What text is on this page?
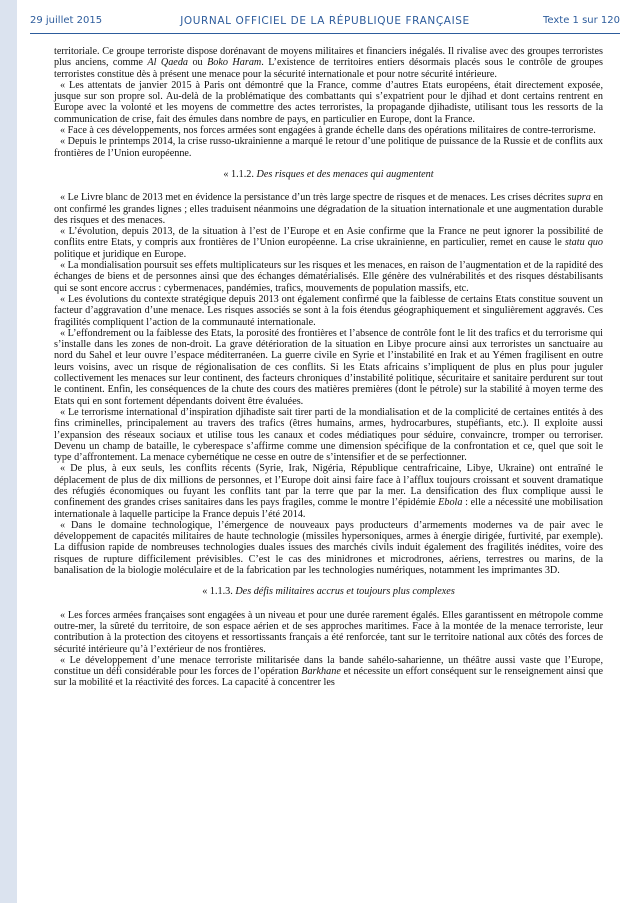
29 juillet 2015	JOURNAL OFFICIEL DE LA RÉPUBLIQUE FRANÇAISE	Texte 1 sur 120

territoriale. Ce groupe terroriste dispose dorénavant de moyens militaires et financiers inégalés. Il rivalise avec des groupes terroristes plus anciens, comme Al Qaeda ou Boko Haram. L’existence de territoires entiers désormais placés sous le contrôle de groupes terroristes constitue dès à présent une menace pour la sécurité internationale et pour notre sécurité intérieure.

« Les attentats de janvier 2015 à Paris ont démontré que la France, comme d’autres Etats européens, était directement exposée, jusque sur son propre sol. Au-delà de la problématique des combattants qui s’expatrient pour le djihad et dont certains rentrent en Europe avec la volonté et les moyens de commettre des actes terroristes, la propagande djihadiste, utilisant tous les ressorts de la communication de crise, fait des émules dans nombre de pays, en particulier en Europe, dont la France.

« Face à ces développements, nos forces armées sont engagées à grande échelle dans des opérations militaires de contre-terrorisme.

« Depuis le printemps 2014, la crise russo-ukrainienne a marqué le retour d’une politique de puissance de la Russie et de conflits aux frontières de l’Union européenne.

« 1.1.2. Des risques et des menaces qui augmentent

« Le Livre blanc de 2013 met en évidence la persistance d’un très large spectre de risques et de menaces. Les crises décrites supra en ont confirmé les grandes lignes ; elles traduisent néanmoins une dégradation de la situation internationale et une augmentation durable des risques et des menaces.

« L’évolution, depuis 2013, de la situation à l’est de l’Europe et en Asie confirme que la France ne peut ignorer la possibilité de conflits entre Etats, y compris aux frontières de l’Union européenne. La crise ukrainienne, en particulier, remet en cause le statu quo politique et juridique en Europe.

« La mondialisation poursuit ses effets multiplicateurs sur les risques et les menaces, en raison de l’augmentation et de la rapidité des échanges de biens et de personnes ainsi que des échanges dématérialisés. Elle génère des vulnérabilités et des risques déstabilisants qui se sont encore accrus : cybermenaces, pandémies, trafics, mouvements de population massifs, etc.

« Les évolutions du contexte stratégique depuis 2013 ont également confirmé que la faiblesse de certains Etats constitue souvent un facteur d’aggravation d’une menace. Les risques associés se sont à la fois étendus géographiquement et singulièrement aggravés. Ces fragilités compliquent l’action de la communauté internationale.

« L’effondrement ou la faiblesse des Etats, la porosité des frontières et l’absence de contrôle font le lit des trafics et du terrorisme qui s’installe dans les zones de non-droit. La grave détérioration de la situation en Libye procure ainsi aux terroristes un sanctuaire au nord du Sahel et leur ouvre l’espace méditerranéen. La guerre civile en Syrie et l’instabilité en Irak et au Yémen fragilisent en outre leurs voisins, avec un risque de régionalisation de ces conflits. Si les Etats africains s’impliquent de plus en plus pour juguler collectivement les menaces sur leur continent, des facteurs chroniques d’instabilité politique, sécuritaire et sanitaire perdurent sur tout le continent. Enfin, les conséquences de la chute des cours des matières premières (dont le pétrole) sur la stabilité à moyen terme des Etats qui en sont fortement dépendants doivent être évaluées.

« Le terrorisme international d’inspiration djihadiste sait tirer parti de la mondialisation et de la complicité de certaines entités à des fins criminelles, principalement au travers des trafics (êtres humains, armes, hydrocarbures, stupéfiants, etc.). Il exploite aussi l’expansion des réseaux sociaux et utilise tous les canaux et codes médiatiques pour séduire, convaincre, tromper ou terroriser. Devenu un champ de bataille, le cyberespace s’affirme comme une dimension spécifique de la confrontation et ce, quel que soit le type d’affrontement. La menace cybernétique ne cesse en outre de s’intensifier et de se perfectionner.

« De plus, à eux seuls, les conflits récents (Syrie, Irak, Nigéria, République centrafricaine, Libye, Ukraine) ont entraîné le déplacement de plus de dix millions de personnes, et l’Europe doit ainsi faire face à l’afflux toujours croissant et souvent dramatique des réfugiés économiques ou fuyant les conflits tant par la terre que par la mer. La densification des flux complique aussi le confinement des grandes crises sanitaires dans les pays fragiles, comme le montre l’épidémie Ebola : elle a nécessité une mobilisation internationale à laquelle participe la France depuis l’été 2014.

« Dans le domaine technologique, l’émergence de nouveaux pays producteurs d’armements modernes va de pair avec le développement de capacités militaires de haute technologie (missiles hypersoniques, armes à énergie dirigée, furtivité, par exemple). La diffusion rapide de nombreuses technologies duales issues des marchés civils induit également des fragilités inédites, voire des risques de rupture difficilement prévisibles. C’est le cas des minidrones et microdrones, aériens, terrestres ou marins, de la banalisation de la biologie moléculaire et de la fabrication par les technologies numériques, notamment les imprimantes 3D.

« 1.1.3. Des défis militaires accrus et toujours plus complexes

« Les forces armées françaises sont engagées à un niveau et pour une durée rarement égalés. Elles garantissent en métropole comme outre-mer, la sûreté du territoire, de son espace aérien et de ses approches maritimes. Face à la montée de la menace terroriste, leur contribution à la protection des citoyens et ressortissants français a été renforcée, tant sur le territoire national aux côtés des forces de sécurité intérieure qu’à l’extérieur de nos frontières.

« Le développement d’une menace terroriste militarisée dans la bande sahélo-saharienne, un théâtre aussi vaste que l’Europe, constitue un défi considérable pour les forces de l’opération Barkhane et nécessite un effort conséquent sur le renseignement ainsi que sur la mobilité et la réactivité des forces. La capacité à concentrer les
